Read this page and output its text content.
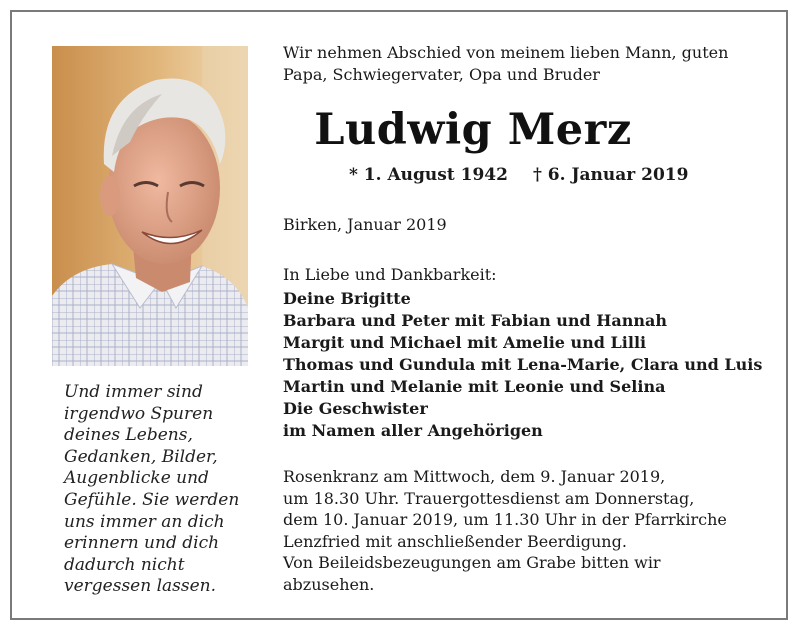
Wir nehmen Abschied von meinem lieben Mann, guten
Papa, Schwiegervater, Opa und Bruder
Ludwig Merz
* 1. August 1942 † 6. Januar 2019
Birken, Januar 2019
In Liebe und Dankbarkeit:
Deine Brigitte
Barbara und Peter mit Fabian und Hannah
Margit und Michael mit Amelie und Lilli
Thomas und Gundula mit Lena-Marie, Clara und Luis
Martin und Melanie mit Leonie und Selina
Die Geschwister
im Namen aller Angehörigen
Rosenkranz am Mittwoch, dem 9. Januar 2019,
um 18.30 Uhr. Trauergottesdienst am Donnerstag,
dem 10. Januar 2019, um 11.30 Uhr in der Pfarrkirche
Lenzfried mit anschließender Beerdigung.
Von Beileidsbezeugungen am Grabe bitten wir
abzusehen.
Und immer sind
irgendwo Spuren
deines Lebens,
Gedanken, Bilder,
Augenblicke und
Gefühle. Sie werden
uns immer an dich
erinnern und dich
dadurch nicht
vergessen lassen.
